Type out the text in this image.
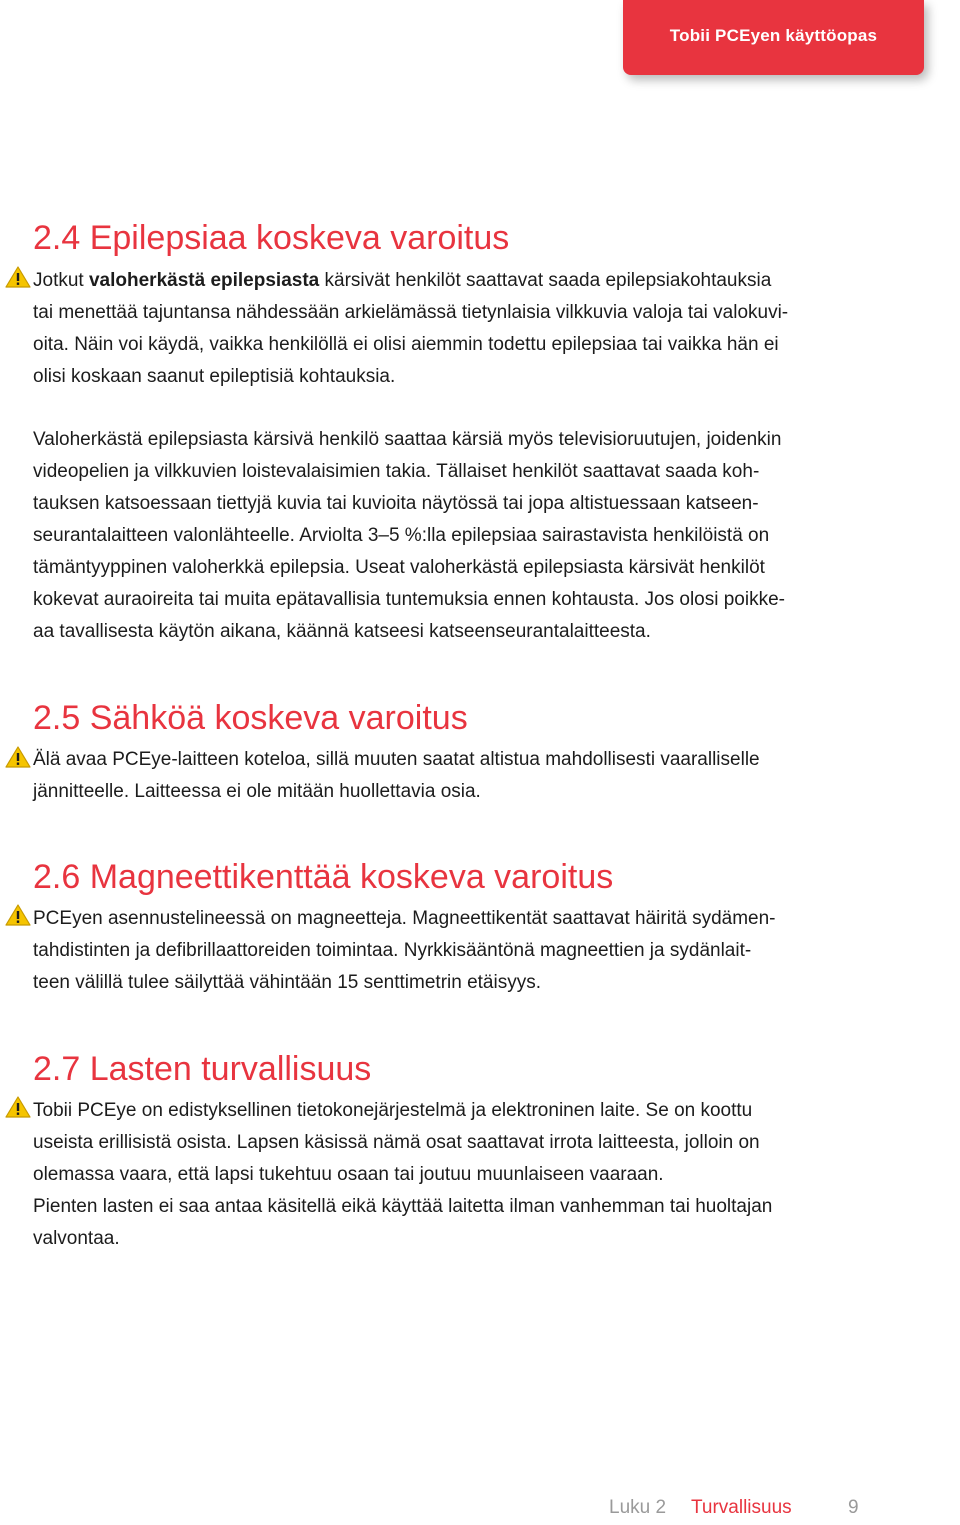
Tobii PCEyen käyttöopas
2.4 Epilepsiaa koskeva varoitus
Jotkut valoherkästä epilepsiasta kärsivät henkilöt saattavat saada epilepsiakohtauksia
tai menettää tajuntansa nähdessään arkielämässä tietynlaisia vilkkuvia valoja tai valokuvi-
oita. Näin voi käydä, vaikka henkilöllä ei olisi aiemmin todettu epilepsiaa tai vaikka hän ei
olisi koskaan saanut epileptisiä kohtauksia.
Valoherkästä epilepsiasta kärsivä henkilö saattaa kärsiä myös televisioruutujen, joidenkin
videopelien ja vilkkuvien loistevalaisimien takia. Tällaiset henkilöt saattavat saada koh-
tauksen katsoessaan tiettyjä kuvia tai kuvioita näytössä tai jopa altistuessaan katseen-
seurantalaitteen valonlähteelle. Arviolta 3–5 %:lla epilepsiaa sairastavista henkilöistä on
tämäntyyppinen valoherkkä epilepsia. Useat valoherkästä epilepsiasta kärsivät henkilöt
kokevat auraoireita tai muita epätavallisia tuntemuksia ennen kohtausta. Jos olosi poikke-
aa tavallisesta käytön aikana, käännä katseesi katseenseurantalaitteesta.
2.5 Sähköä koskeva varoitus
Älä avaa PCEye-laitteen koteloa, sillä muuten saatat altistua mahdollisesti vaaralliselle
jännitteelle. Laitteessa ei ole mitään huollettavia osia.
2.6 Magneettikenttää koskeva varoitus
PCEyen asennustelineessä on magneetteja. Magneettikentät saattavat häiritä sydämen-
tahdistinten ja defibrillaattoreiden toimintaa. Nyrkkisääntönä magneettien ja sydänlait-
teen välillä tulee säilyttää vähintään 15 senttimetrin etäisyys.
2.7 Lasten turvallisuus
Tobii PCEye on edistyksellinen tietokonejärjestelmä ja elektroninen laite. Se on koottu
useista erillisistä osista. Lapsen käsissä nämä osat saattavat irrota laitteesta, jolloin on
olemassa vaara, että lapsi tukehtuu osaan tai joutuu muunlaiseen vaaraan.
Pienten lasten ei saa antaa käsitellä eikä käyttää laitetta ilman vanhemman tai huoltajan
valvontaa.
Luku 2 Turvallisuus	9
